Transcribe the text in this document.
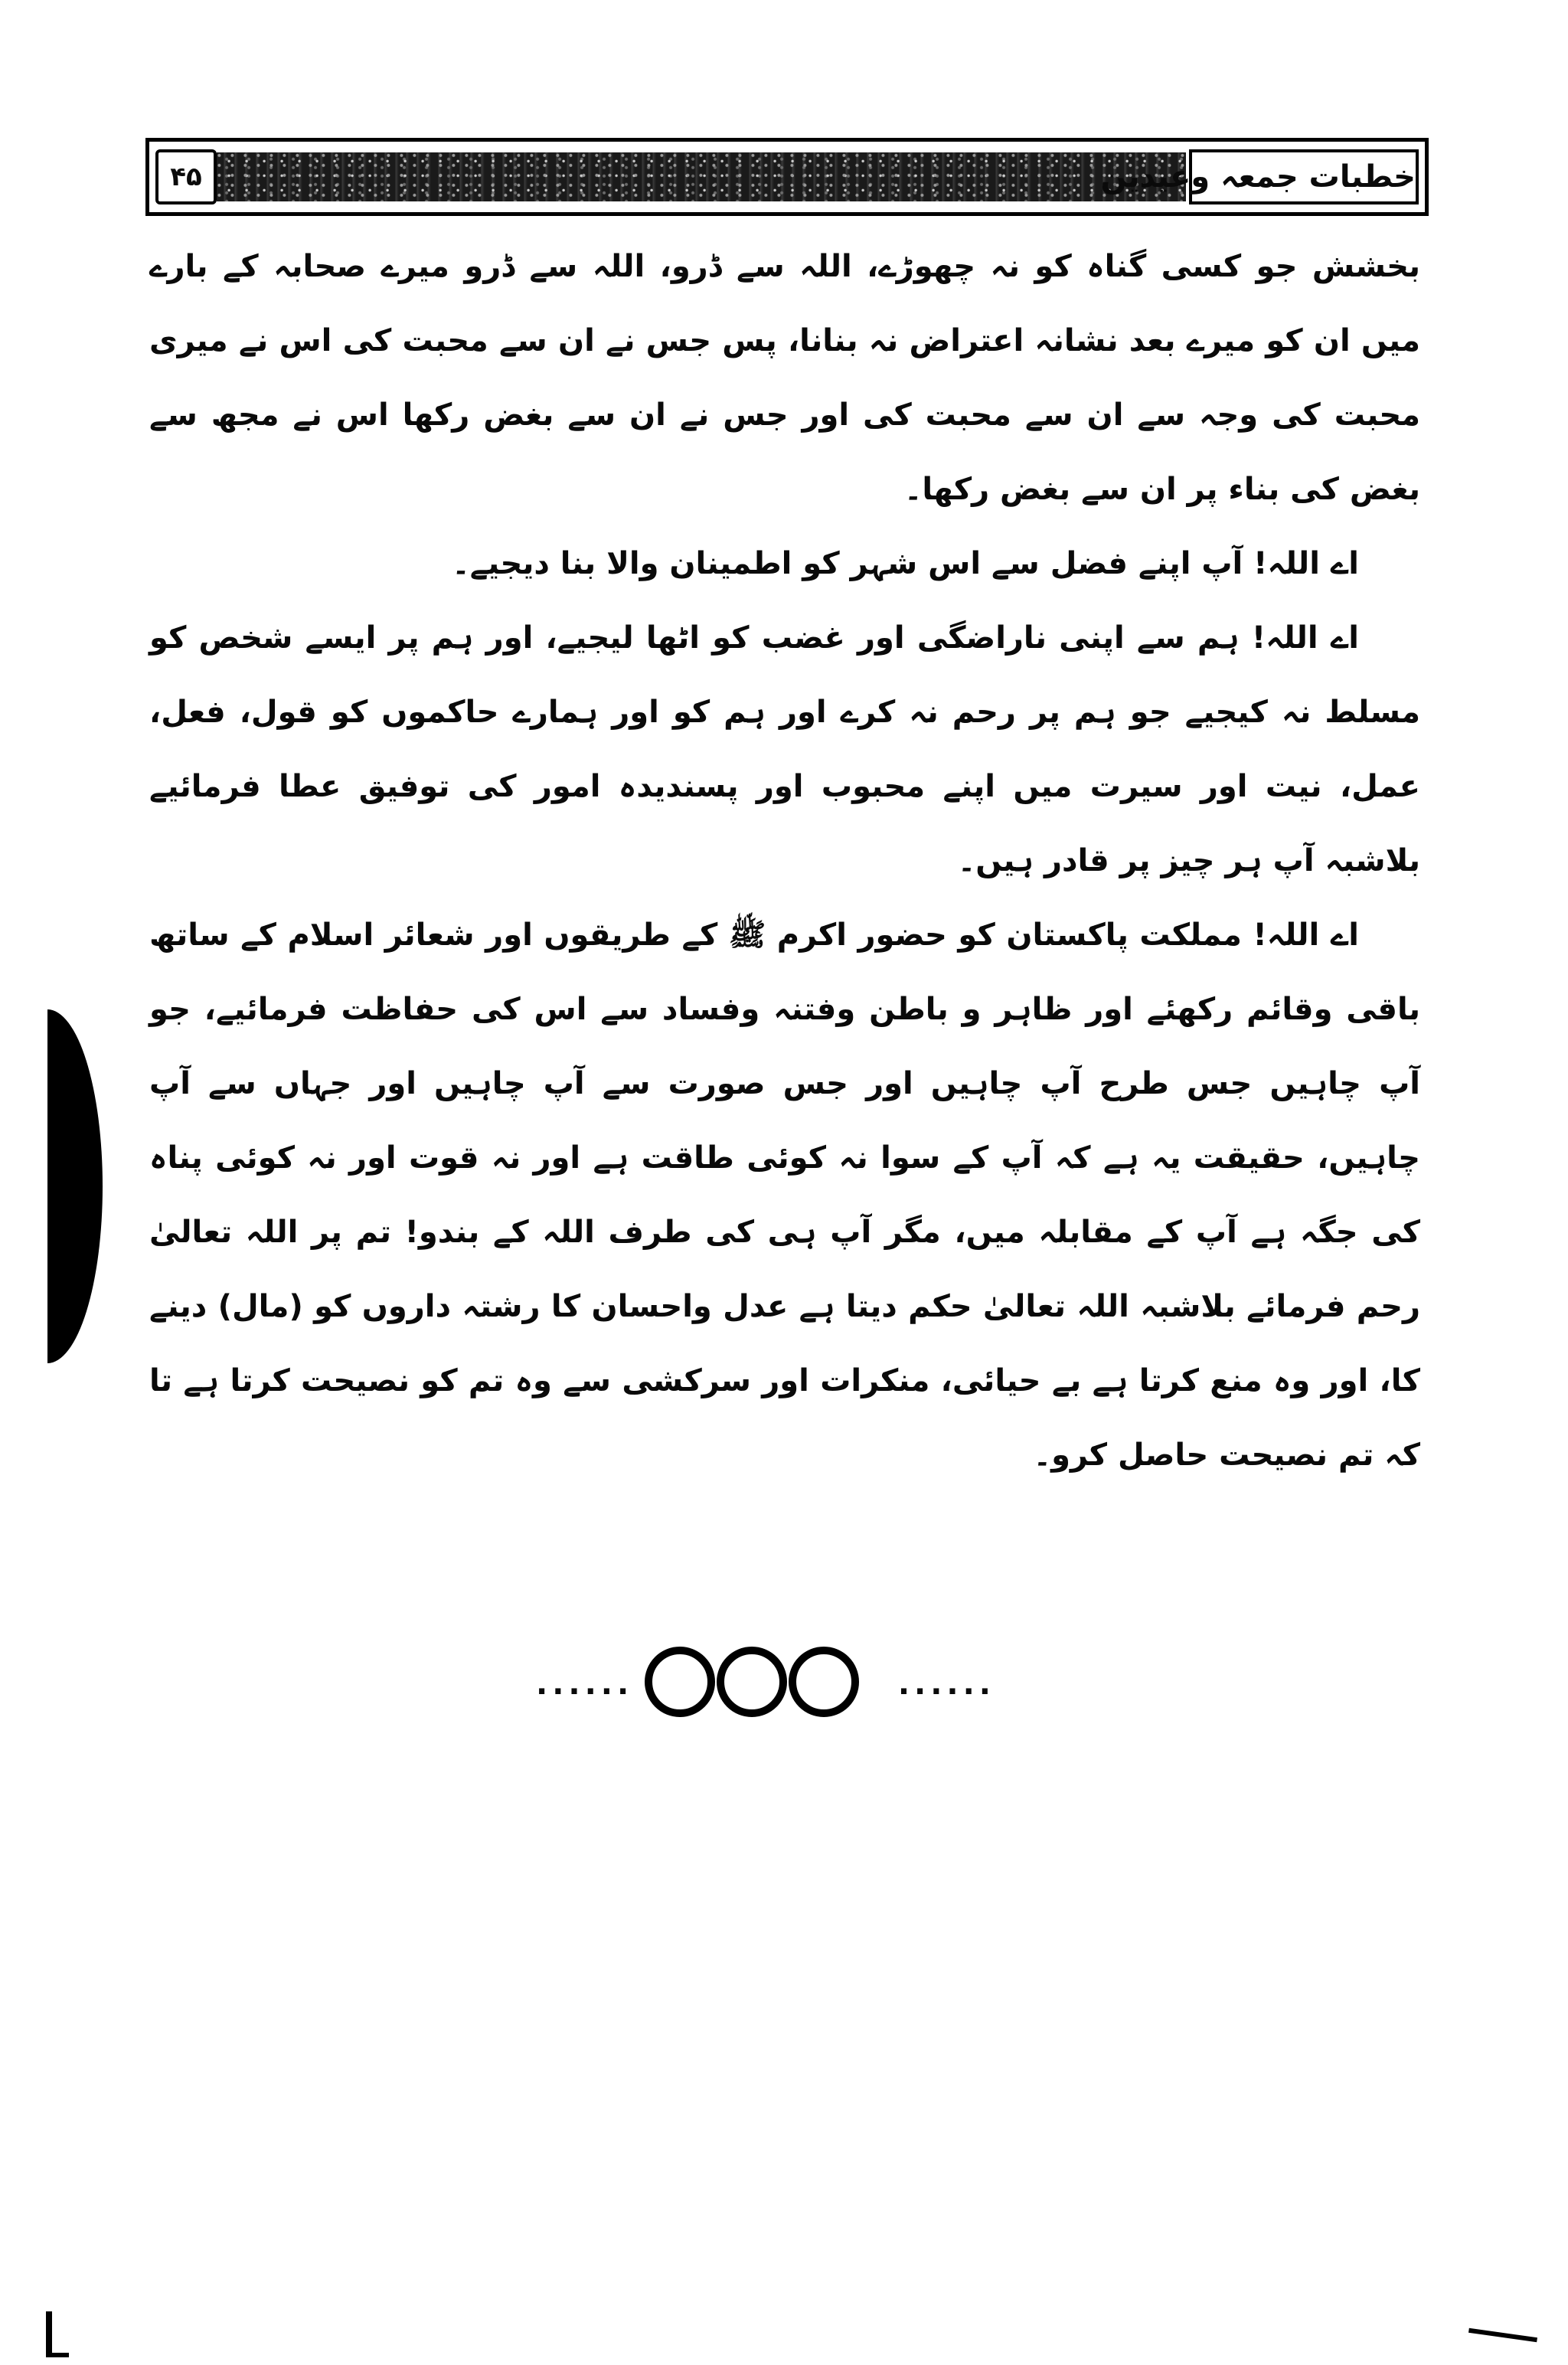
۴۵	خطبات جمعہ وعیدین

بخشش جو کسی گناہ کو نہ چھوڑے، اللہ سے ڈرو، اللہ سے ڈرو میرے صحابہ کے بارے میں ان کو میرے بعد نشانہ اعتراض نہ بنانا، پس جس نے ان سے محبت کی اس نے میری محبت کی وجہ سے ان سے محبت کی اور جس نے ان سے بغض رکھا اس نے مجھ سے بغض کی بناء پر ان سے بغض رکھا۔

اے اللہ! آپ اپنے فضل سے اس شہر کو اطمینان والا بنا دیجیے۔

اے اللہ! ہم سے اپنی ناراضگی اور غضب کو اٹھا لیجیے، اور ہم پر ایسے شخص کو مسلط نہ کیجیے جو ہم پر رحم نہ کرے اور ہم کو اور ہمارے حاکموں کو قول، فعل، عمل، نیت اور سیرت میں اپنے محبوب اور پسندیدہ امور کی توفیق عطا فرمائیے بلاشبہ آپ ہر چیز پر قادر ہیں۔

اے اللہ! مملکت پاکستان کو حضور اکرم ﷺ کے طریقوں اور شعائر اسلام کے ساتھ باقی وقائم رکھئے اور ظاہر و باطن وفتنہ وفساد سے اس کی حفاظت فرمائیے، جو آپ چاہیں جس طرح آپ چاہیں اور جس صورت سے آپ چاہیں اور جہاں سے آپ چاہیں، حقیقت یہ ہے کہ آپ کے سوا نہ کوئی طاقت ہے اور نہ قوت اور نہ کوئی پناہ کی جگہ ہے آپ کے مقابلہ میں، مگر آپ ہی کی طرف اللہ کے بندو! تم پر اللہ تعالیٰ رحم فرمائے بلاشبہ اللہ تعالیٰ حکم دیتا ہے عدل واحسان کا رشتہ داروں کو (مال) دینے کا، اور وہ منع کرتا ہے بے حیائی، منکرات اور سرکشی سے وہ تم کو نصیحت کرتا ہے تا کہ تم نصیحت حاصل کرو۔

......	......
